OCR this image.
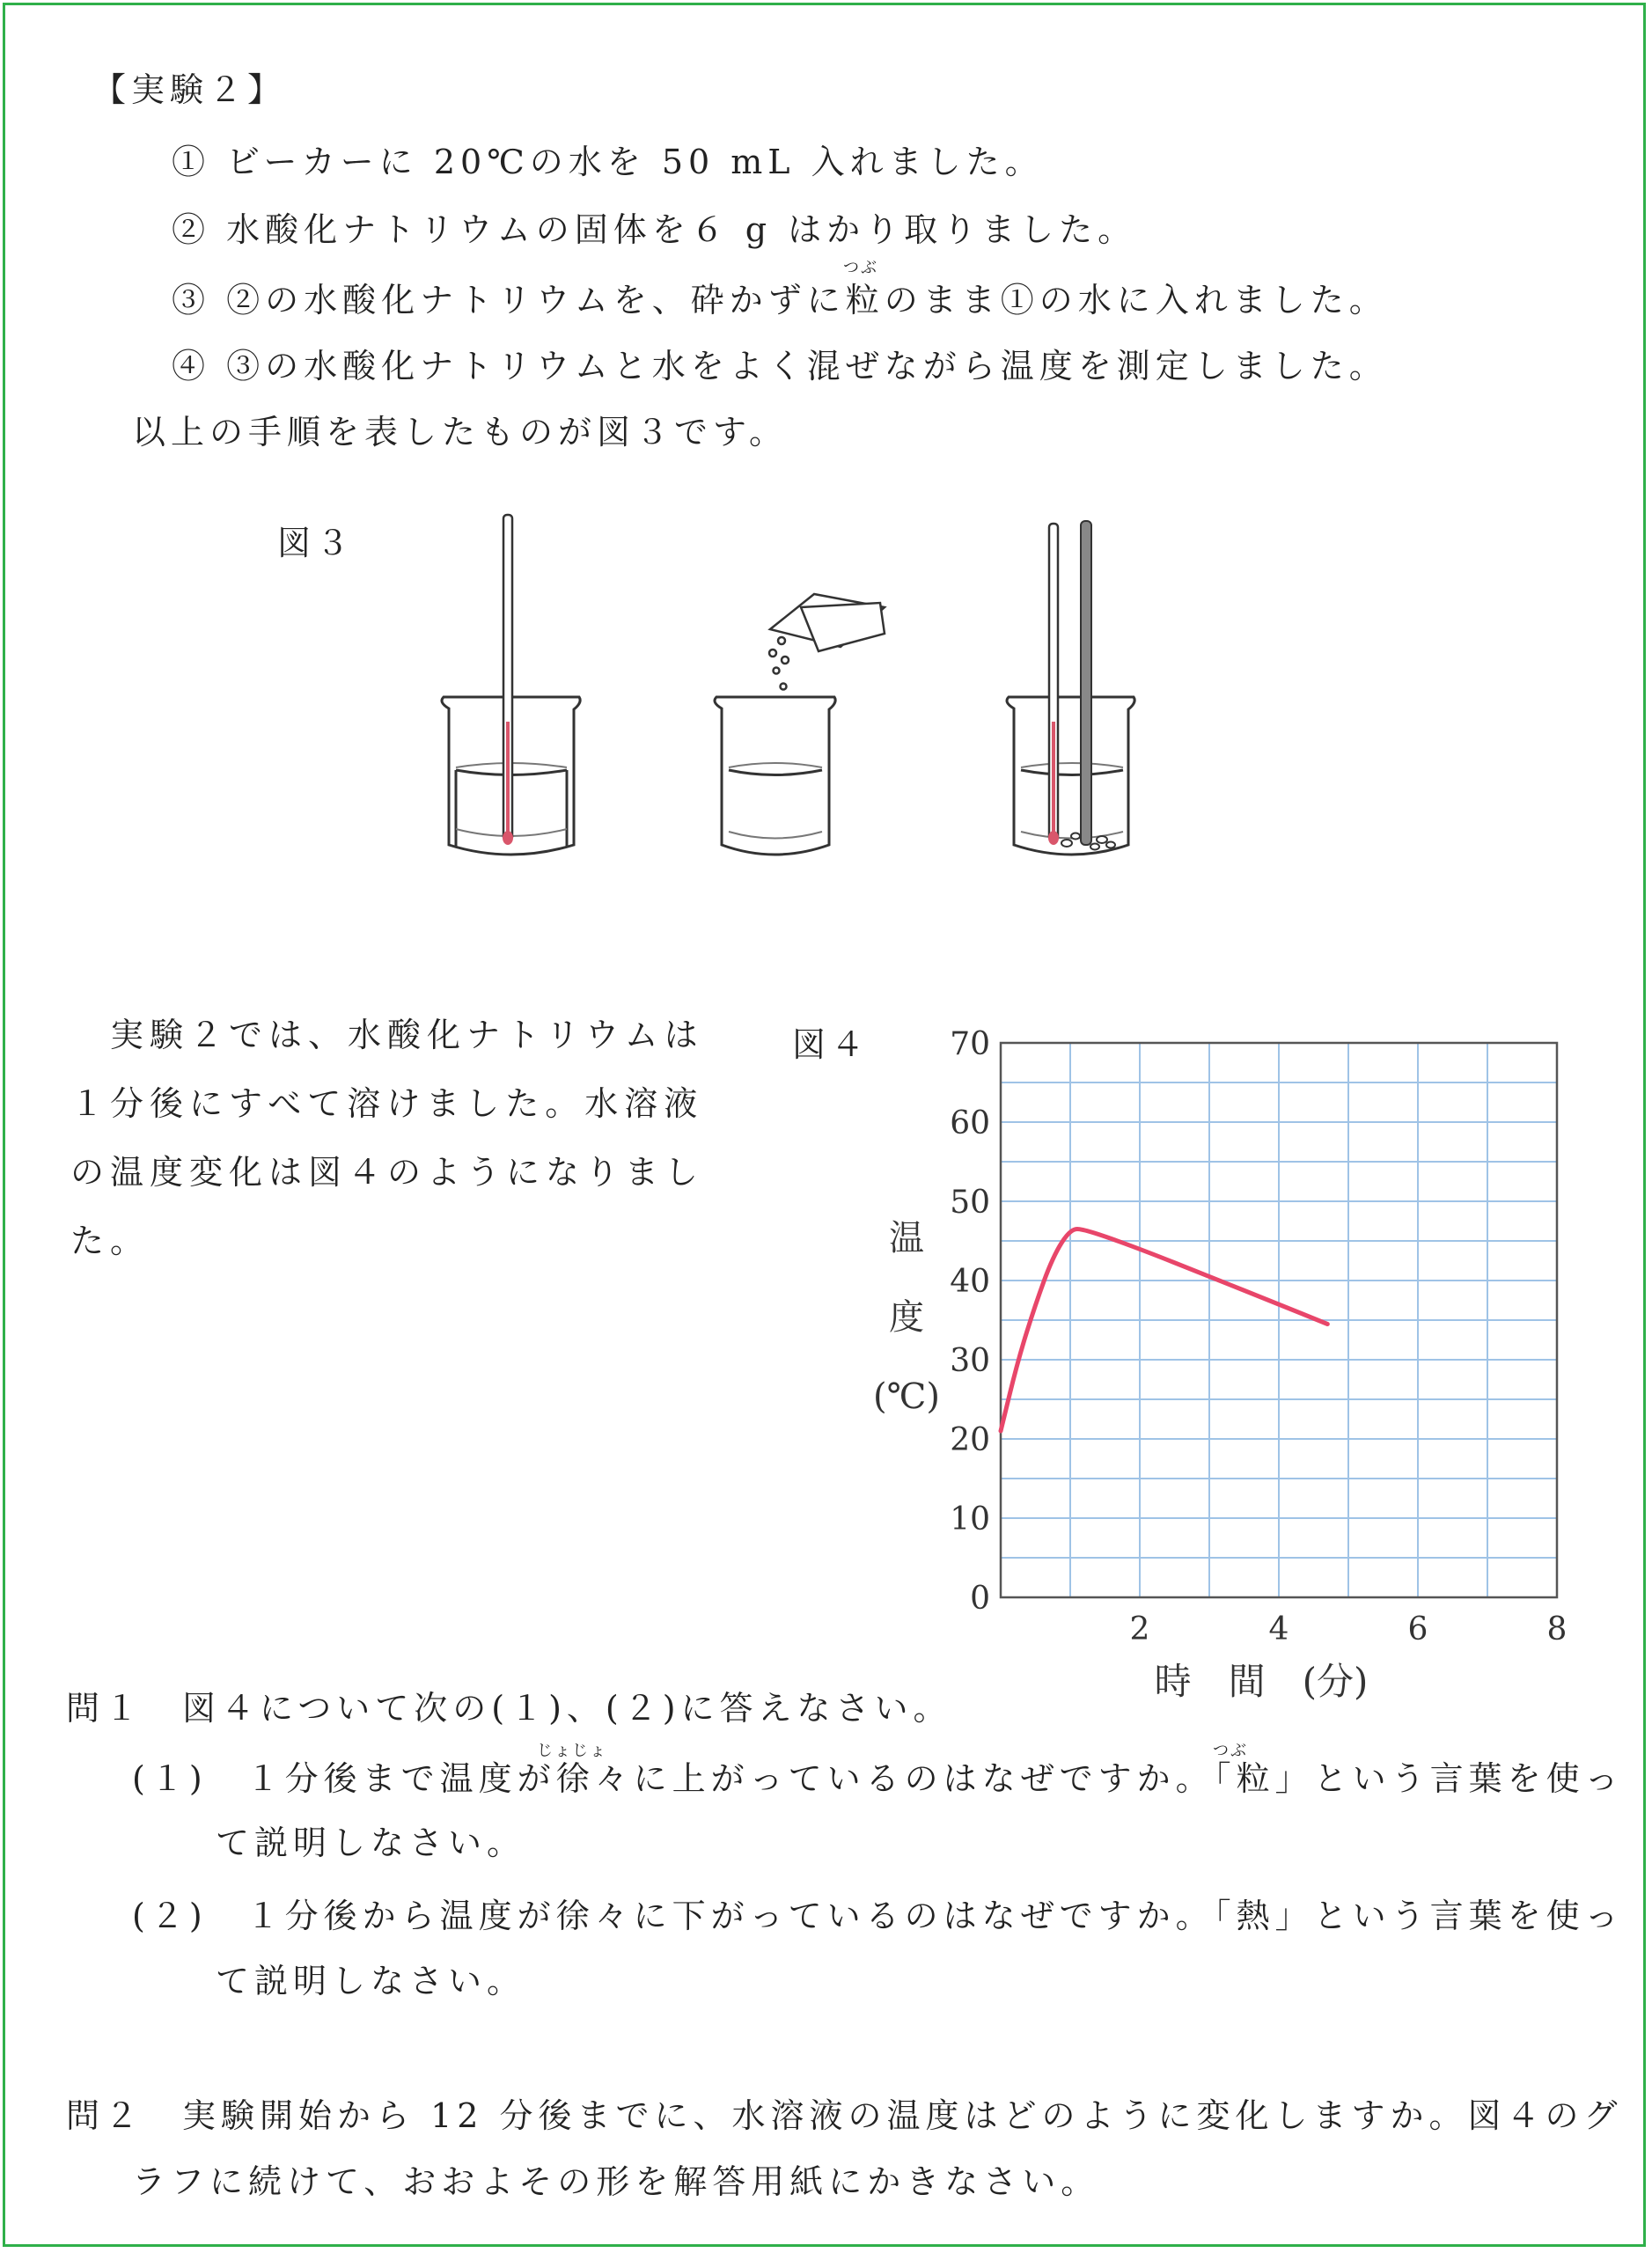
【実験２】
① ビーカーに 20℃の水を 50 mL 入れました。
② 水酸化ナトリウムの固体を６ g はかり取りました。
つぶ
③ ②の水酸化ナトリウムを、砕かずに粒のまま①の水に入れました。
④ ③の水酸化ナトリウムと水をよく混ぜながら温度を測定しました。
以上の手順を表したものが図３です。
図３
実験２では、水酸化ナトリウムは
１分後にすべて溶けました。水溶液
の温度変化は図４のようになりまし
た。
図４
0
10
20
30
40
50
60
70
2	4	6	8
温
度
(℃)
時　間　(分)
問１　図４について次の(１)、(２)に答えなさい。
じょじょ	つぶ
(１)　１分後まで温度が徐々に上がっているのはなぜですか。「粒」という言葉を使っ
て説明しなさい。
(２)　１分後から温度が徐々に下がっているのはなぜですか。「熱」という言葉を使っ
て説明しなさい。
問２　実験開始から 12 分後までに、水溶液の温度はどのように変化しますか。図４のグ
ラフに続けて、おおよその形を解答用紙にかきなさい。
